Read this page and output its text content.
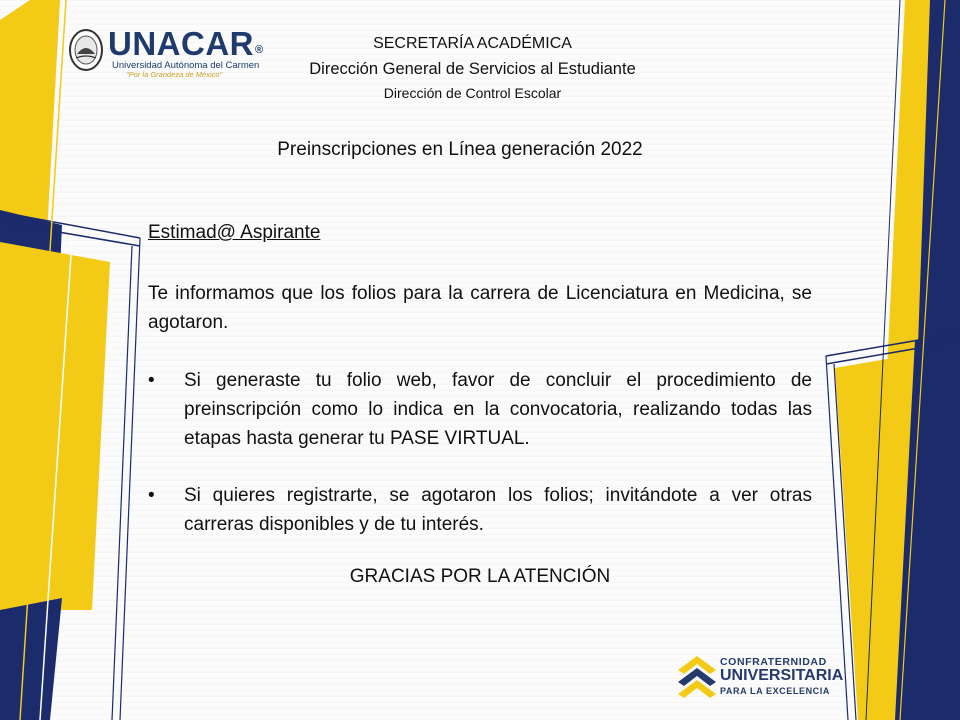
UNACAR®
Universidad Autónoma del Carmen
"Por la Grandeza de México"
SECRETARÍA ACADÉMICA
Dirección General de Servicios al Estudiante
Dirección de Control Escolar
Preinscripciones en Línea generación 2022
Estimad@ Aspirante
Te informamos que los folios para la carrera de Licenciatura en Medicina, se agotaron.
•	Si generaste tu folio web, favor de concluir el procedimiento de preinscripción como lo indica en la convocatoria, realizando todas las etapas hasta generar tu PASE VIRTUAL.
•	Si quieres registrarte, se agotaron los folios; invitándote a ver otras carreras disponibles y de tu interés.
GRACIAS POR LA ATENCIÓN
CONFRATERNIDAD
UNIVERSITARIA
PARA LA EXCELENCIA
